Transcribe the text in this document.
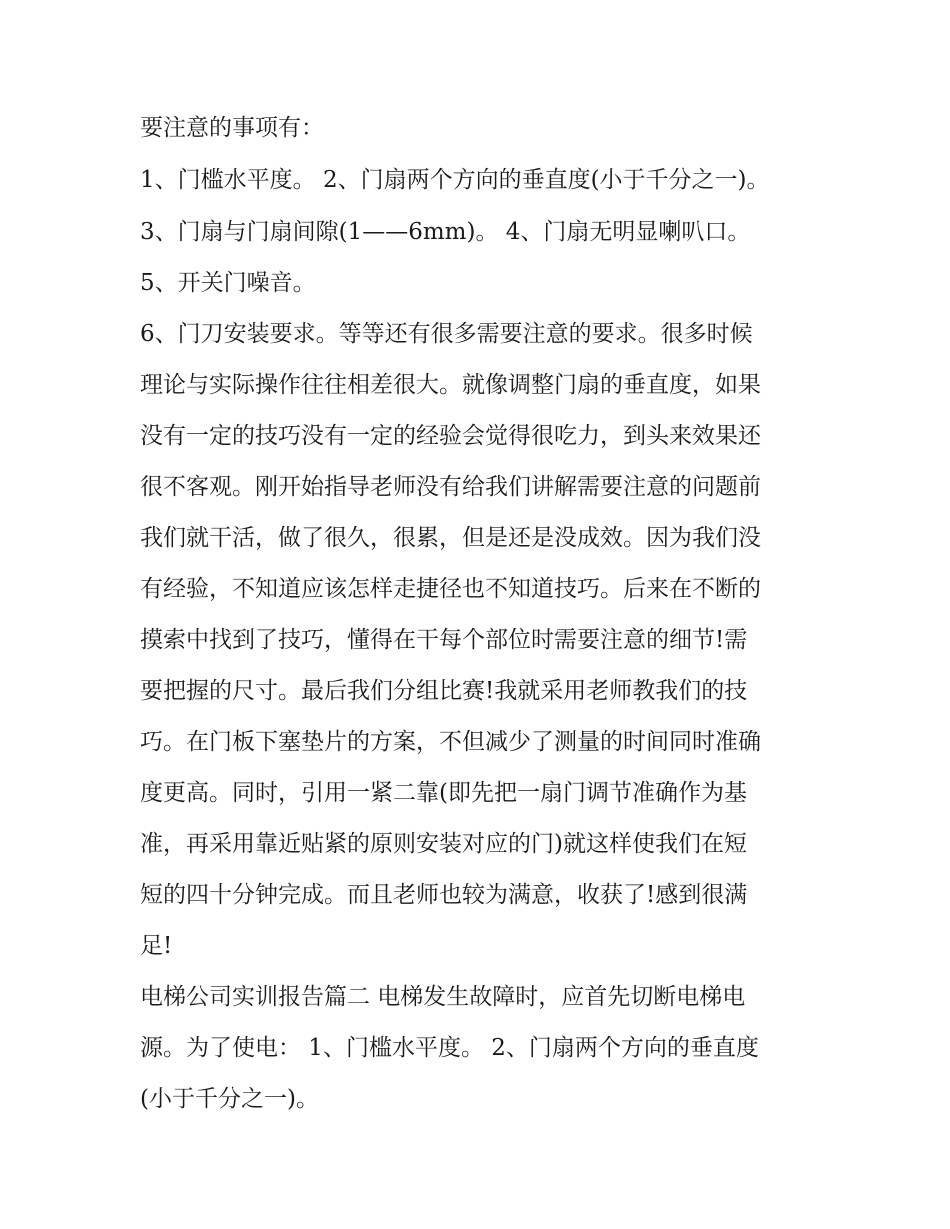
要注意的事项有：
1、门槛水平度。 2、门扇两个方向的垂直度(小于千分之一)。
3、门扇与门扇间隙(1——6mm)。 4、门扇无明显喇叭口。
5、开关门噪音。
6、门刀安装要求。等等还有很多需要注意的要求。很多时候
理论与实际操作往往相差很大。就像调整门扇的垂直度，如果
没有一定的技巧没有一定的经验会觉得很吃力，到头来效果还
很不客观。刚开始指导老师没有给我们讲解需要注意的问题前
我们就干活，做了很久，很累，但是还是没成效。因为我们没
有经验，不知道应该怎样走捷径也不知道技巧。后来在不断的
摸索中找到了技巧，懂得在干每个部位时需要注意的细节!需
要把握的尺寸。最后我们分组比赛!我就采用老师教我们的技
巧。在门板下塞垫片的方案，不但减少了测量的时间同时准确
度更高。同时，引用一紧二靠(即先把一扇门调节准确作为基
准，再采用靠近贴紧的原则安装对应的门)就这样使我们在短
短的四十分钟完成。而且老师也较为满意，收获了!感到很满
足!
电梯公司实训报告篇二 电梯发生故障时，应首先切断电梯电
源。为了使电： 1、门槛水平度。 2、门扇两个方向的垂直度
(小于千分之一)。
